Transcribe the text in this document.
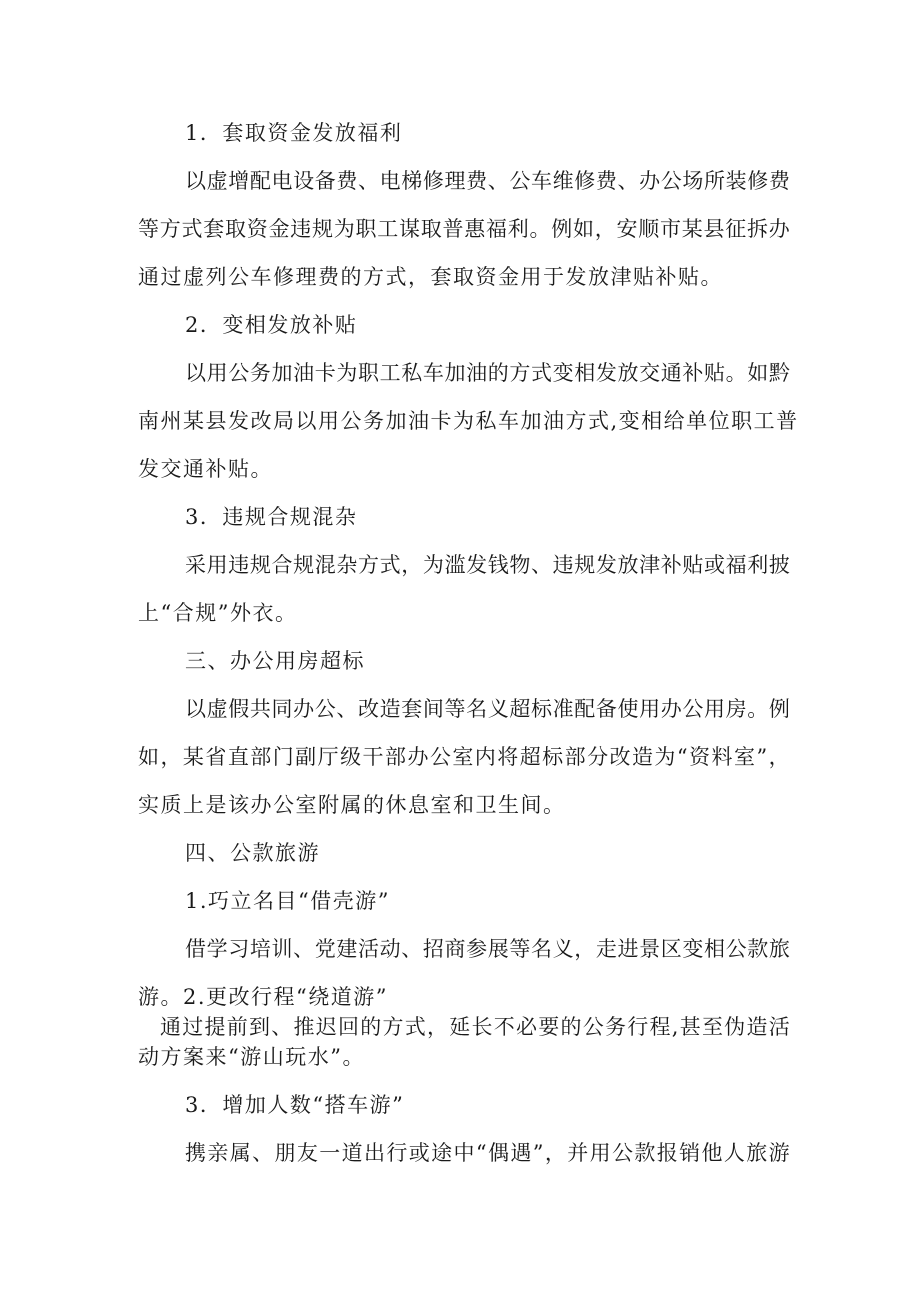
1．套取资金发放福利
以 虚 增 配 电 设 备 费 、 电 梯 修 理 费 、 公 车 维 修 费 、 办 公 场 所 装 修 费
等 方 式 套 取 资 金 违 规 为 职 工 谋 取 普 惠 福 利 。 例 如 ， 安 顺 市 某 县 征 拆 办
通过虚列公车修理费的方式，套取资金用于发放津贴补贴。
2．变相发放补贴
以 用 公 务 加 油 卡 为 职 工 私 车 加 油 的 方 式 变 相 发 放 交 通 补 贴 。 如 黔
南州某县发改局以用公务加油卡为私车加油方式,变相给单位职工普
发交通补贴。
3．违规合规混杂
采 用 违 规 合 规 混 杂 方 式 ， 为 滥 发 钱 物 、 违 规 发 放 津 补 贴 或 福 利 披
上“合规”外衣。
三、办公用房超标
以 虚 假 共 同 办 公 、 改 造 套 间 等 名 义 超 标 准 配 备 使 用 办 公 用 房 。 例
如 ， 某 省 直 部 门 副 厅 级 干 部 办 公 室 内 将 超 标 部 分 改 造 为 “ 资 料 室 ” ，
实质上是该办公室附属的休息室和卫生间。
四、公款旅游
1.巧立名目“借壳游”
借 学 习 培 训 、 党 建 活 动 、 招 商 参 展 等 名 义 ， 走 进 景 区 变 相 公 款 旅
游。2.更改行程“绕道游”
通 过 提 前 到 、 推 迟 回 的 方 式 ， 延 长 不 必 要 的 公 务 行 程 , 甚 至 伪 造 活
动方案来“游山玩水”。
3．增加人数“搭车游”
携 亲 属 、 朋 友 一 道 出 行 或 途 中 “ 偶 遇 ” ， 并 用 公 款 报 销 他 人 旅 游
